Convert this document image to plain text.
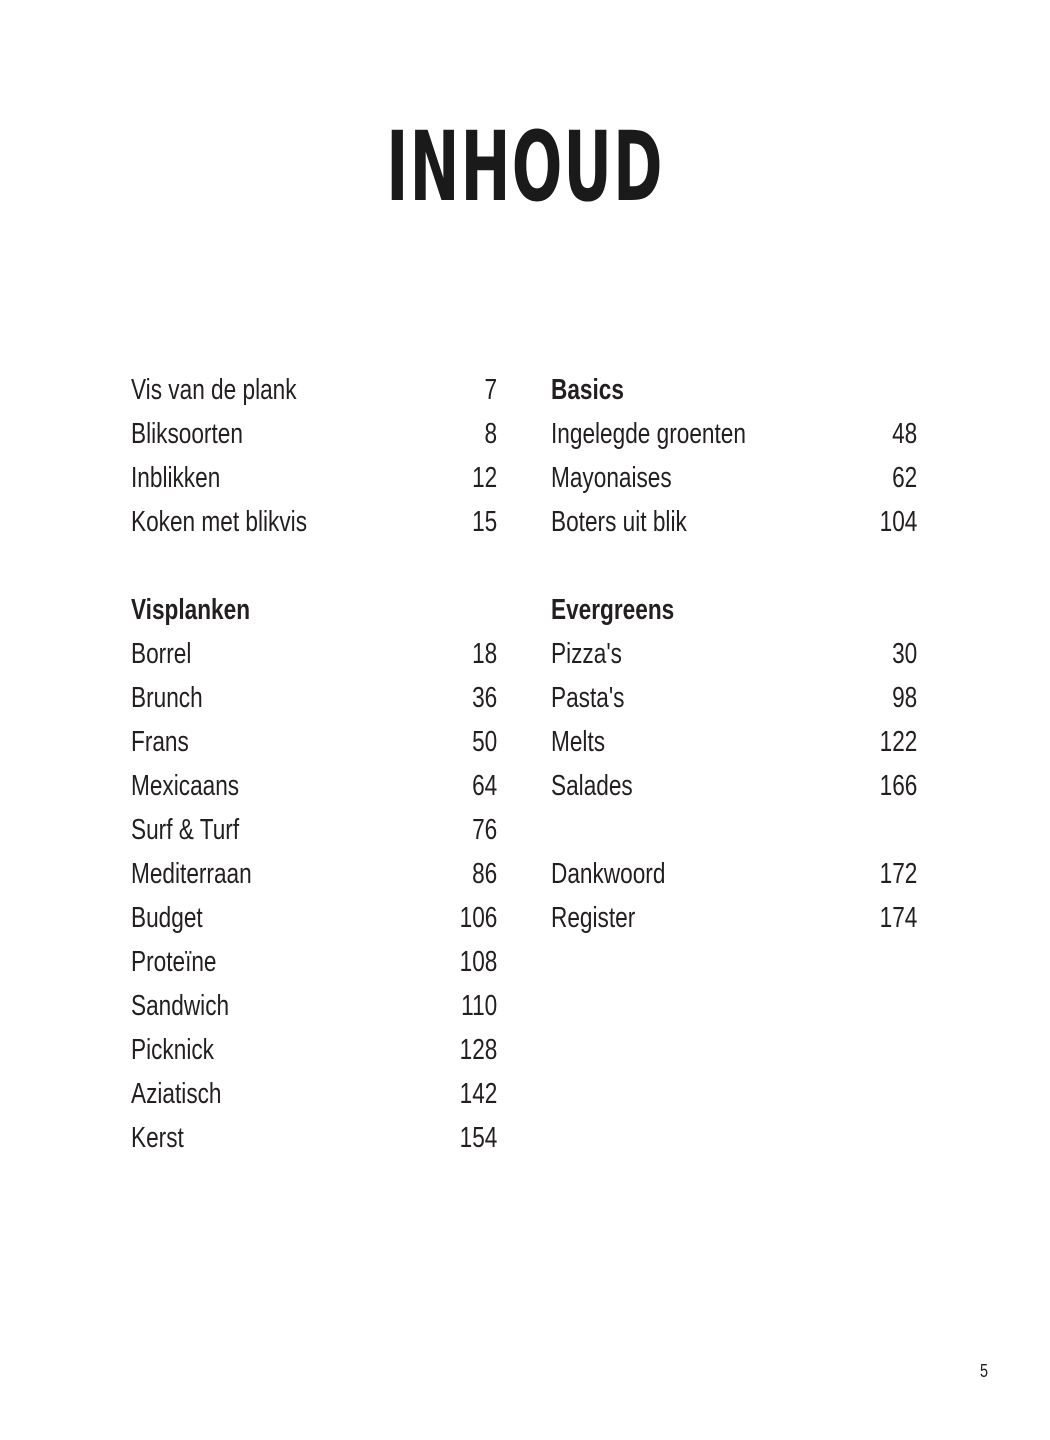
INHOUD
Vis van de plank	7
Bliksoorten	8
Inblikken	12
Koken met blikvis	15
Visplanken
Borrel	18
Brunch	36
Frans	50
Mexicaans	64
Surf & Turf	76
Mediterraan	86
Budget	106
Proteïne	108
Sandwich	110
Picknick	128
Aziatisch	142
Kerst	154
Basics
Ingelegde groenten	48
Mayonaises	62
Boters uit blik	104
Evergreens
Pizza's	30
Pasta's	98
Melts	122
Salades	166
Dankwoord	172
Register	174
5
